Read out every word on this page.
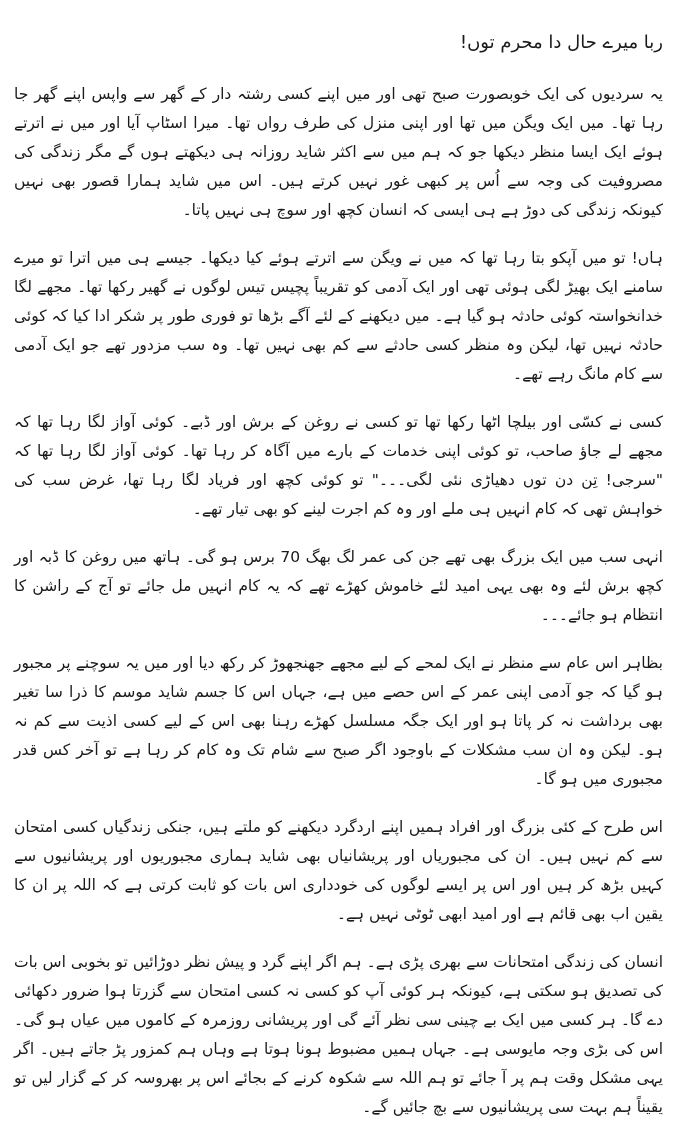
ربا میرے حال دا محرم توں!

یہ سردیوں کی ایک خوبصورت صبح تھی اور میں اپنے کسی رشتہ دار کے گھر سے واپس اپنے گھر جا رہا تھا۔ میں ایک ویگن میں تھا اور اپنی منزل کی طرف رواں تھا۔ میرا اسٹاپ آیا اور میں نے اترتے ہوئے ایک ایسا منظر دیکھا جو کہ ہم میں سے اکثر شاید روزانہ ہی دیکھتے ہوں گے مگر زندگی کی مصروفیت کی وجہ سے اُس پر کبھی غور نہیں کرتے ہیں۔ اس میں شاید ہمارا قصور بھی نہیں کیونکہ زندگی کی دوڑ ہے ہی ایسی کہ انسان کچھ اور سوچ ہی نہیں پاتا۔

ہاں! تو میں آپکو بتا رہا تھا کہ میں نے ویگن سے اترتے ہوئے کیا دیکھا۔ جیسے ہی میں اترا تو میرے سامنے ایک بھیڑ لگی ہوئی تھی اور ایک آدمی کو تقریباً پچیس تیس لوگوں نے گھیر رکھا تھا۔ مجھے لگا خدانخواستہ کوئی حادثہ ہو گیا ہے۔ میں دیکھنے کے لئے آگے بڑھا تو فوری طور پر شکر ادا کیا کہ کوئی حادثہ نہیں تھا، لیکن وہ منظر کسی حادثے سے کم بھی نہیں تھا۔ وہ سب مزدور تھے جو ایک آدمی سے کام مانگ رہے تھے۔

کسی نے کسّی اور بیلچا اٹھا رکھا تھا تو کسی نے روغن کے برش اور ڈبے۔ کوئی آواز لگا رہا تھا کہ مجھے لے جاؤ صاحب، تو کوئی اپنی خدمات کے بارے میں آگاہ کر رہا تھا۔ کوئی آواز لگا رہا تھا کہ "سرجی! تِن دن توں دھیاڑی نئی لگی۔۔۔" تو کوئی کچھ اور فریاد لگا رہا تھا، غرض سب کی خواہش تھی کہ کام انہیں ہی ملے اور وہ کم اجرت لینے کو بھی تیار تھے۔

انہی سب میں ایک بزرگ بھی تھے جن کی عمر لگ بھگ 70 برس ہو گی۔ ہاتھ میں روغن کا ڈبہ اور کچھ برش لئے وہ بھی یہی امید لئے خاموش کھڑے تھے کہ یہ کام انہیں مل جائے تو آج کے راشن کا انتظام ہو جائے۔۔۔

بظاہر اس عام سے منظر نے ایک لمحے کے لیے مجھے جھنجھوڑ کر رکھ دیا اور میں یہ سوچنے پر مجبور ہو گیا کہ جو آدمی اپنی عمر کے اس حصے میں ہے، جہاں اس کا جسم شاید موسم کا ذرا سا تغیر بھی برداشت نہ کر پاتا ہو اور ایک جگہ مسلسل کھڑے رہنا بھی اس کے لیے کسی اذیت سے کم نہ ہو۔ لیکن وہ ان سب مشکلات کے باوجود اگر صبح سے شام تک وہ کام کر رہا ہے تو آخر کس قدر مجبوری میں ہو گا۔

اس طرح کے کئی بزرگ اور افراد ہمیں اپنے اردگرد دیکھنے کو ملتے ہیں، جنکی زندگیاں کسی امتحان سے کم نہیں ہیں۔ ان کی مجبوریاں اور پریشانیاں بھی شاید ہماری مجبوریوں اور پریشانیوں سے کہیں بڑھ کر ہیں اور اس پر ایسے لوگوں کی خودداری اس بات کو ثابت کرتی ہے کہ اللہ پر ان کا یقین اب بھی قائم ہے اور امید ابھی ٹوٹی نہیں ہے۔

انسان کی زندگی امتحانات سے بھری پڑی ہے۔ ہم اگر اپنے گرد و پیش نظر دوڑائیں تو بخوبی اس بات کی تصدیق ہو سکتی ہے، کیونکہ ہر کوئی آپ کو کسی نہ کسی امتحان سے گزرتا ہوا ضرور دکھائی دے گا۔ ہر کسی میں ایک بے چینی سی نظر آئے گی اور پریشانی روزمرہ کے کاموں میں عیاں ہو گی۔ اس کی بڑی وجہ مایوسی ہے۔ جہاں ہمیں مضبوط ہونا ہوتا ہے وہاں ہم کمزور پڑ جاتے ہیں۔ اگر یہی مشکل وقت ہم پر آ جائے تو ہم اللہ سے شکوہ کرنے کے بجائے اس پر بھروسہ کر کے گزار لیں تو یقیناً ہم بہت سی پریشانیوں سے بچ جائیں گے۔
